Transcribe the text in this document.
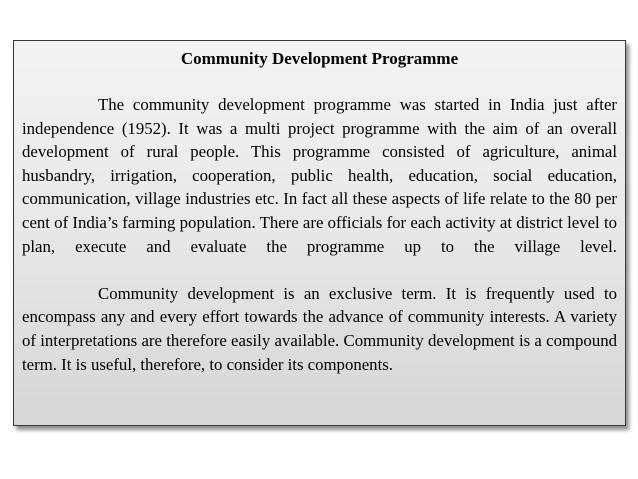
Community Development Programme

The community development programme was started in India just after independence (1952). It was a multi project programme with the aim of an overall development of rural people. This programme consisted of agriculture, animal husbandry, irrigation, cooperation, public health, education, social education, communication, village industries etc. In fact all these aspects of life relate to the 80 per cent of India’s farming population. There are officials for each activity at district level to plan, execute and evaluate the programme up to the village level.

Community development is an exclusive term. It is frequently used to encompass any and every effort towards the advance of community interests. A variety of interpretations are therefore easily available. Community development is a compound term. It is useful, therefore, to consider its components.
